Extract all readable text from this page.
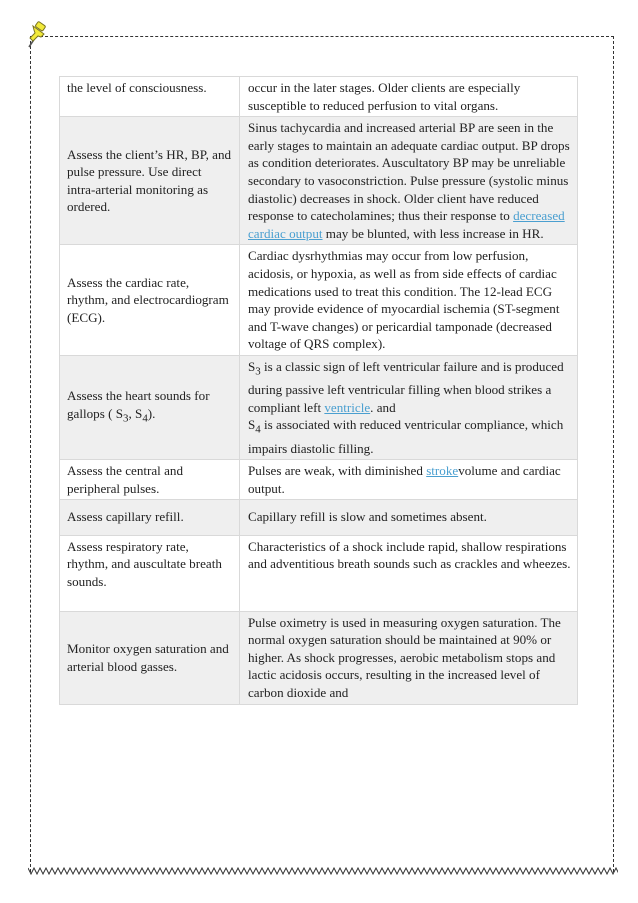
the level of consciousness.	occur in the later stages. Older clients are especially susceptible to reduced perfusion to vital organs.
Assess the client’s HR, BP, and pulse pressure. Use direct intra-arterial monitoring as ordered.	Sinus tachycardia and increased arterial BP are seen in the early stages to maintain an adequate cardiac output. BP drops as condition deteriorates. Auscultatory BP may be unreliable secondary to vasoconstriction. Pulse pressure (systolic minus diastolic) decreases in shock. Older client have reduced response to catecholamines; thus their response to decreased cardiac output may be blunted, with less increase in HR.
Assess the cardiac rate, rhythm, and electrocardiogram (ECG).	Cardiac dysrhythmias may occur from low perfusion, acidosis, or hypoxia, as well as from side effects of cardiac medications used to treat this condition. The 12-lead ECG may provide evidence of myocardial ischemia (ST-segment and T-wave changes) or pericardial tamponade (decreased voltage of QRS complex).
Assess the heart sounds for gallops ( $S_3$, $S_4$).	$S_3$ is a classic sign of left ventricular failure and is produced during passive left ventricular filling when blood strikes a compliant left ventricle. and
$S_4$ is associated with reduced ventricular compliance, which impairs diastolic filling.
Assess the central and peripheral pulses.	Pulses are weak, with diminished strokevolume and cardiac output.
Assess capillary refill.	Capillary refill is slow and sometimes absent.
Assess respiratory rate, rhythm, and auscultate breath sounds.	Characteristics of a shock include rapid, shallow respirations and adventitious breath sounds such as crackles and wheezes.
Monitor oxygen saturation and arterial blood gasses.	Pulse oximetry is used in measuring oxygen saturation. The normal oxygen saturation should be maintained at 90% or higher. As shock progresses, aerobic metabolism stops and lactic acidosis occurs, resulting in the increased level of carbon dioxide and
